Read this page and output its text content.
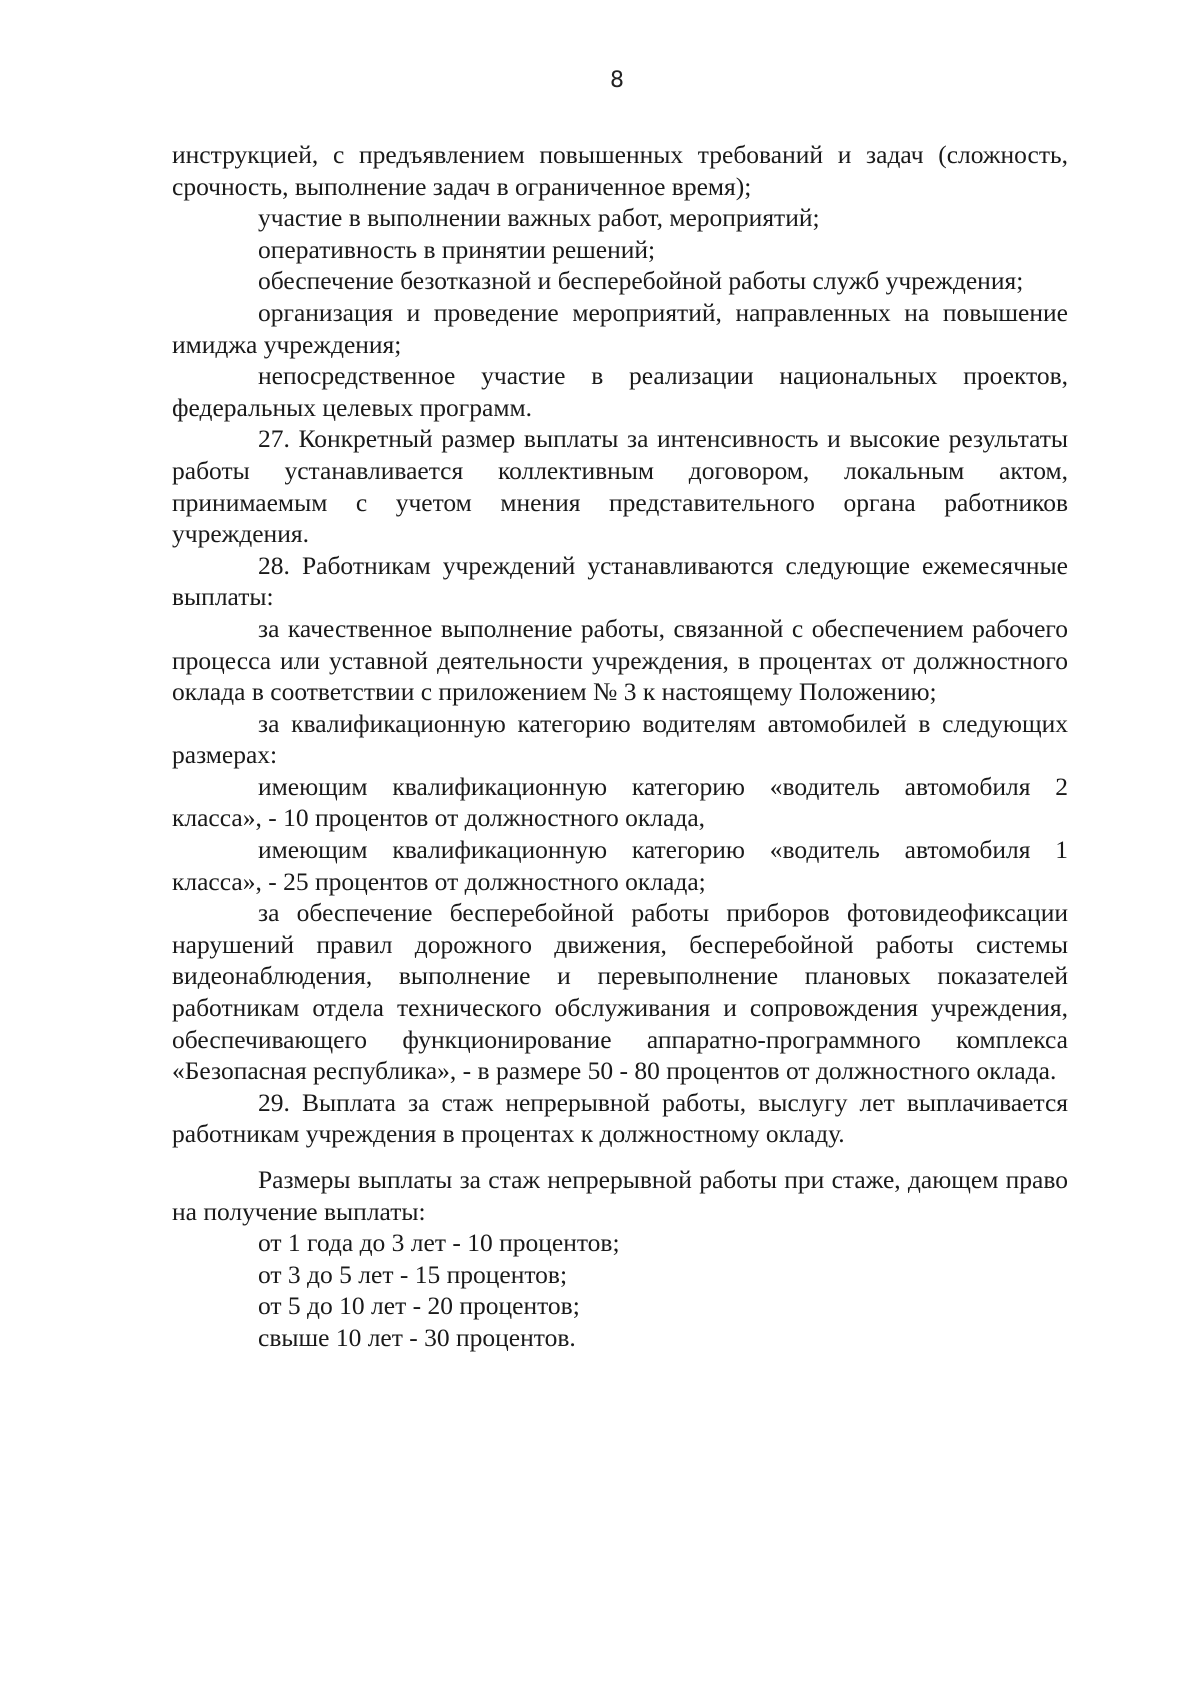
8

инструкцией, с предъявлением повышенных требований и задач (сложность, срочность, выполнение задач в ограниченное время);

участие в выполнении важных работ, мероприятий;

оперативность в принятии решений;

обеспечение безотказной и бесперебойной работы служб учреждения;

организация и проведение мероприятий, направленных на повышение имиджа учреждения;

непосредственное участие в реализации национальных проектов, федеральных целевых программ.

27. Конкретный размер выплаты за интенсивность и высокие результаты работы устанавливается коллективным договором, локальным актом, принимаемым с учетом мнения представительного органа работников учреждения.

28. Работникам учреждений устанавливаются следующие ежемесячные выплаты:

за качественное выполнение работы, связанной с обеспечением рабочего процесса или уставной деятельности учреждения, в процентах от должностного оклада в соответствии с приложением № 3 к настоящему Положению;

за квалификационную категорию водителям автомобилей в следующих размерах:

имеющим квалификационную категорию «водитель автомобиля 2 класса», - 10 процентов от должностного оклада,

имеющим квалификационную категорию «водитель автомобиля 1 класса», - 25 процентов от должностного оклада;

за обеспечение бесперебойной работы приборов фотовидеофиксации нарушений правил дорожного движения, бесперебойной работы системы видеонаблюдения, выполнение и перевыполнение плановых показателей работникам отдела технического обслуживания и сопровождения учреждения, обеспечивающего функционирование аппаратно-программного комплекса «Безопасная республика», - в размере 50 - 80 процентов от должностного оклада.

29. Выплата за стаж непрерывной работы, выслугу лет выплачивается работникам учреждения в процентах к должностному окладу.

Размеры выплаты за стаж непрерывной работы при стаже, дающем право на получение выплаты:

от 1 года до 3 лет - 10 процентов;

от 3 до 5 лет - 15 процентов;

от 5 до 10 лет - 20 процентов;

свыше 10 лет - 30 процентов.
